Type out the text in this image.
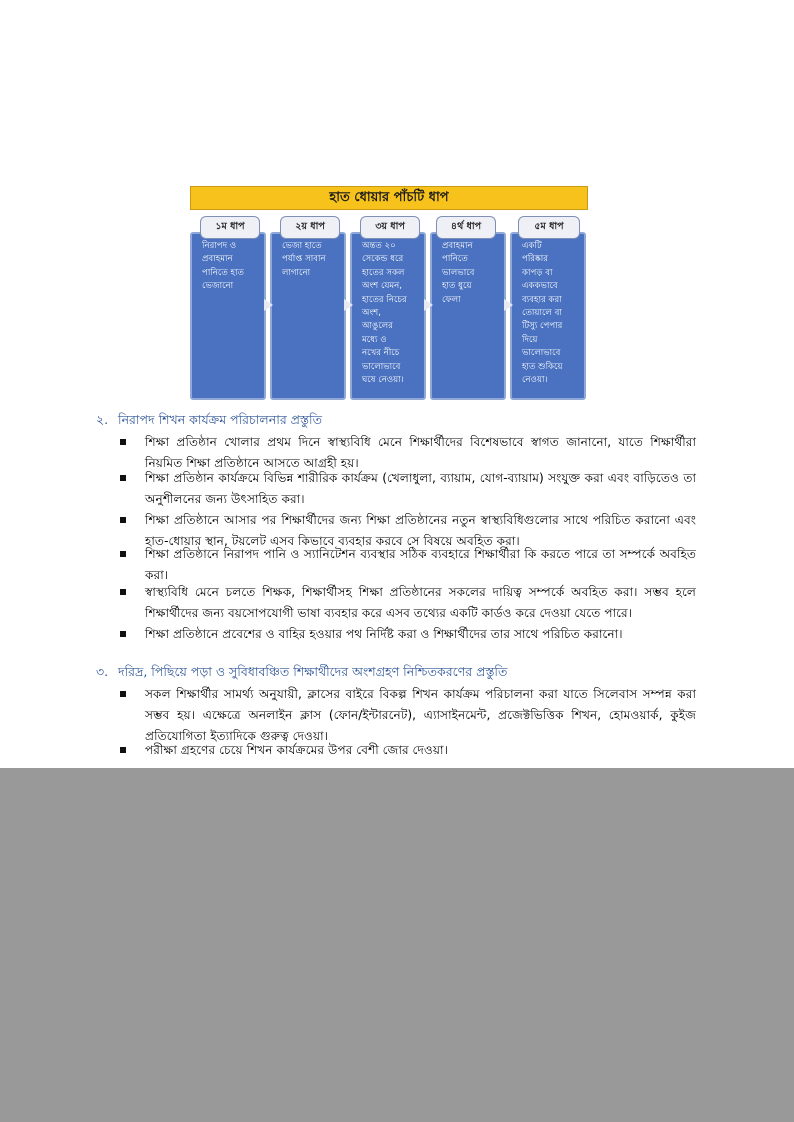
হাত ধোয়ার পাঁচটি ধাপ
নিরাপদ ও
প্রবাহমান
পানিতে হাত
ভেজানো
১ম ধাপ
ভেজা হাতে
পর্যাপ্ত সাবান
লাগানো
২য় ধাপ
অন্তত ২০
সেকেন্ড ধরে
হাতের সকল
অংশ যেমন,
হাতের নিচের
অংশ,
আঙুলের
মধ্যে ও
নখের নীচে
ভালোভাবে
ঘষে নেওয়া।
৩য় ধাপ
প্রবাহমান
পানিতে
ভালভাবে
হাত ধুয়ে
ফেলা
৪র্থ ধাপ
একটি
পরিষ্কার
কাপড় বা
এককভাবে
ব্যবহার করা
তোয়ালে বা
টিস্যু পেপার
দিয়ে
ভালোভাবে
হাত শুকিয়ে
নেওয়া।
৫ম ধাপ
২. নিরাপদ শিখন কার্যক্রম পরিচালনার প্রস্তুতি
শিক্ষা প্রতিষ্ঠান খোলার প্রথম দিনে স্বাস্থ্যবিধি মেনে শিক্ষার্থীদের বিশেষভাবে স্বাগত জানানো, যাতে শিক্ষার্থীরা নিয়মিত শিক্ষা প্রতিষ্ঠানে আসতে আগ্রহী হয়।
শিক্ষা প্রতিষ্ঠান কার্যক্রমে বিভিন্ন শারীরিক কার্যক্রম (খেলাধুলা, ব্যায়াম, যোগ-ব্যায়াম) সংযুক্ত করা এবং বাড়িতেও তা অনুশীলনের জন্য উৎসাহিত করা।
শিক্ষা প্রতিষ্ঠানে আসার পর শিক্ষার্থীদের জন্য শিক্ষা প্রতিষ্ঠানের নতুন স্বাস্থ্যবিধিগুলোর সাথে পরিচিত করানো এবং হাত-ধোয়ার স্থান, টয়লেট এসব কিভাবে ব্যবহার করবে সে বিষয়ে অবহিত করা।
শিক্ষা প্রতিষ্ঠানে নিরাপদ পানি ও স্যানিটেশন ব্যবস্থার সঠিক ব্যবহারে শিক্ষার্থীরা কি করতে পারে তা সম্পর্কে অবহিত করা।
স্বাস্থ্যবিধি মেনে চলতে শিক্ষক, শিক্ষার্থীসহ শিক্ষা প্রতিষ্ঠানের সকলের দায়িত্ব সম্পর্কে অবহিত করা। সম্ভব হলে শিক্ষার্থীদের জন্য বয়সোপযোগী ভাষা ব্যবহার করে এসব তথ্যের একটি কার্ডও করে দেওয়া যেতে পারে।
শিক্ষা প্রতিষ্ঠানে প্রবেশের ও বাহির হওয়ার পথ নির্দিষ্ট করা ও শিক্ষার্থীদের তার সাথে পরিচিত করানো।
৩. দরিদ্র, পিছিয়ে পড়া ও সুবিধাবঞ্চিত শিক্ষার্থীদের অংশগ্রহণ নিশ্চিতকরণের প্রস্তুতি
সকল শিক্ষার্থীর সামর্থ্য অনুযায়ী, ক্লাসের বাইরে বিকল্প শিখন কার্যক্রম পরিচালনা করা যাতে সিলেবাস সম্পন্ন করা সম্ভব হয়। এক্ষেত্রে অনলাইন ক্লাস (ফোন/ইন্টারনেট), এ্যাসাইনমেন্ট, প্রজেক্টভিত্তিক শিখন, হোমওয়ার্ক, কুইজ প্রতিযোগিতা ইত্যাদিকে গুরুত্ব দেওয়া।
পরীক্ষা গ্রহণের চেয়ে শিখন কার্যক্রমের উপর বেশী জোর দেওয়া।
